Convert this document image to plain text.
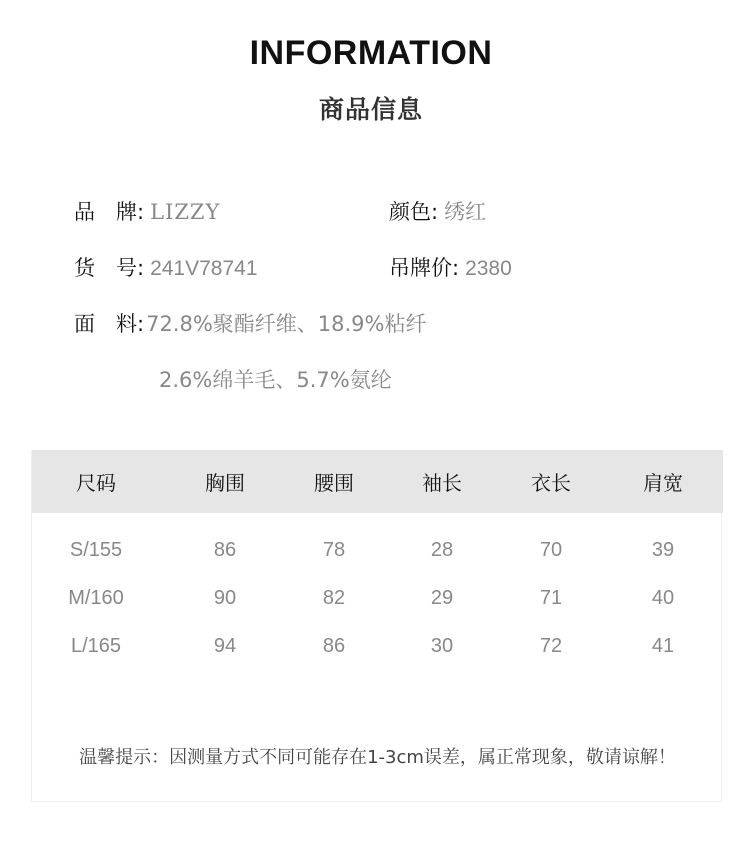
INFORMATION
商品信息
品牌: LIZZY	颜色: 绣红
货号: 241V78741	吊牌价: 2380
面料:72.8%聚酯纤维、18.9%粘纤
2.6%绵羊毛、5.7%氨纶
尺码	胸围	腰围	袖长	衣长	肩宽
S/155	86	78	28	70	39
M/160	90	82	29	71	40
L/165	94	86	30	72	41
温馨提示：因测量方式不同可能存在1-3cm误差，属正常现象，敬请谅解！
